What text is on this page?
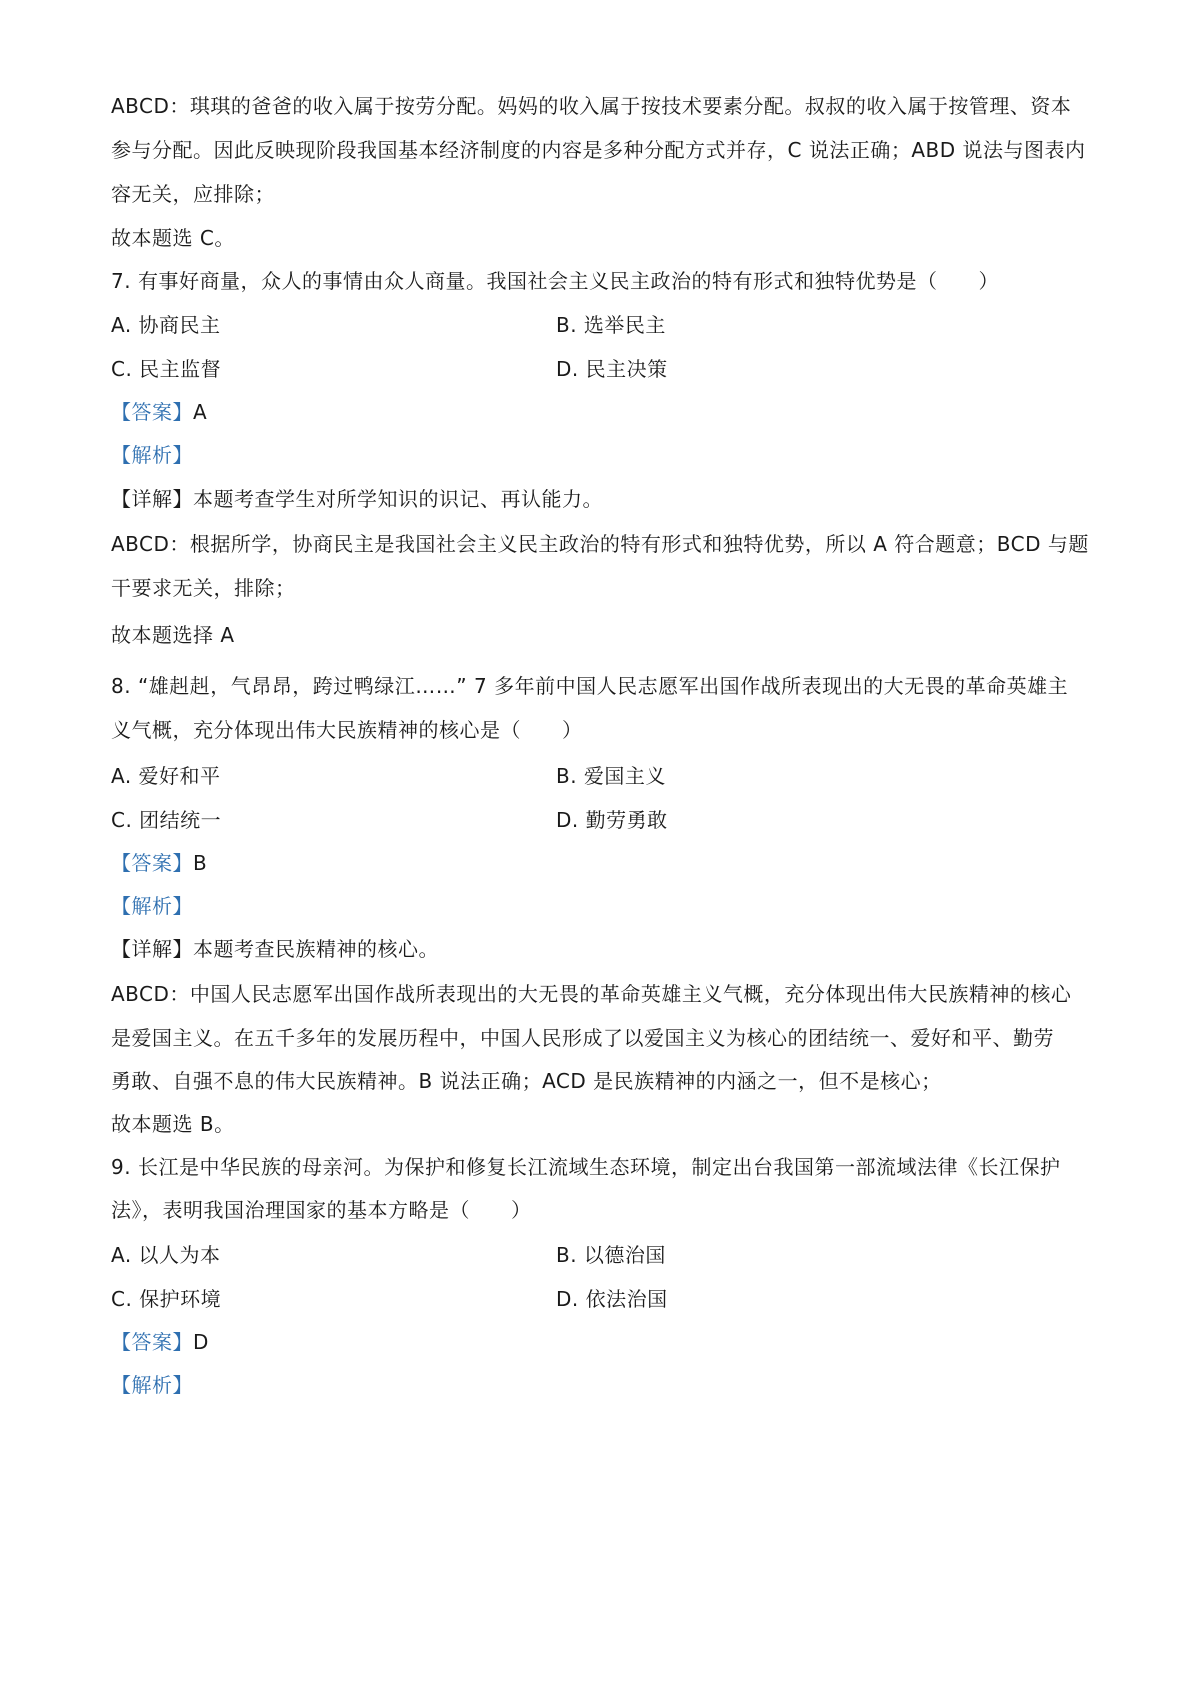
ABCD：琪琪的爸爸的收入属于按劳分配。妈妈的收入属于按技术要素分配。叔叔的收入属于按管理、资本
参与分配。因此反映现阶段我国基本经济制度的内容是多种分配方式并存，C 说法正确；ABD 说法与图表内
容无关，应排除；
故本题选 C。
7. 有事好商量，众人的事情由众人商量。我国社会主义民主政治的特有形式和独特优势是（　　）
A. 协商民主	B. 选举民主
C. 民主监督	D. 民主决策
【答案】A
【解析】
【详解】本题考查学生对所学知识的识记、再认能力。
ABCD：根据所学，协商民主是我国社会主义民主政治的特有形式和独特优势，所以 A 符合题意；BCD 与题
干要求无关，排除；
故本题选择 A
8. “雄赳赳，气昂昂，跨过鸭绿江……” 7 多年前中国人民志愿军出国作战所表现出的大无畏的革命英雄主
义气概，充分体现出伟大民族精神的核心是（　　）
A. 爱好和平	B. 爱国主义
C. 团结统一	D. 勤劳勇敢
【答案】B
【解析】
【详解】本题考查民族精神的核心。
ABCD：中国人民志愿军出国作战所表现出的大无畏的革命英雄主义气概，充分体现出伟大民族精神的核心
是爱国主义。在五千多年的发展历程中，中国人民形成了以爱国主义为核心的团结统一、爱好和平、勤劳
勇敢、自强不息的伟大民族精神。B 说法正确；ACD 是民族精神的内涵之一，但不是核心；
故本题选 B。
9. 长江是中华民族的母亲河。为保护和修复长江流域生态环境，制定出台我国第一部流域法律《长江保护
法》，表明我国治理国家的基本方略是（　　）
A. 以人为本	B. 以德治国
C. 保护环境	D. 依法治国
【答案】D
【解析】
